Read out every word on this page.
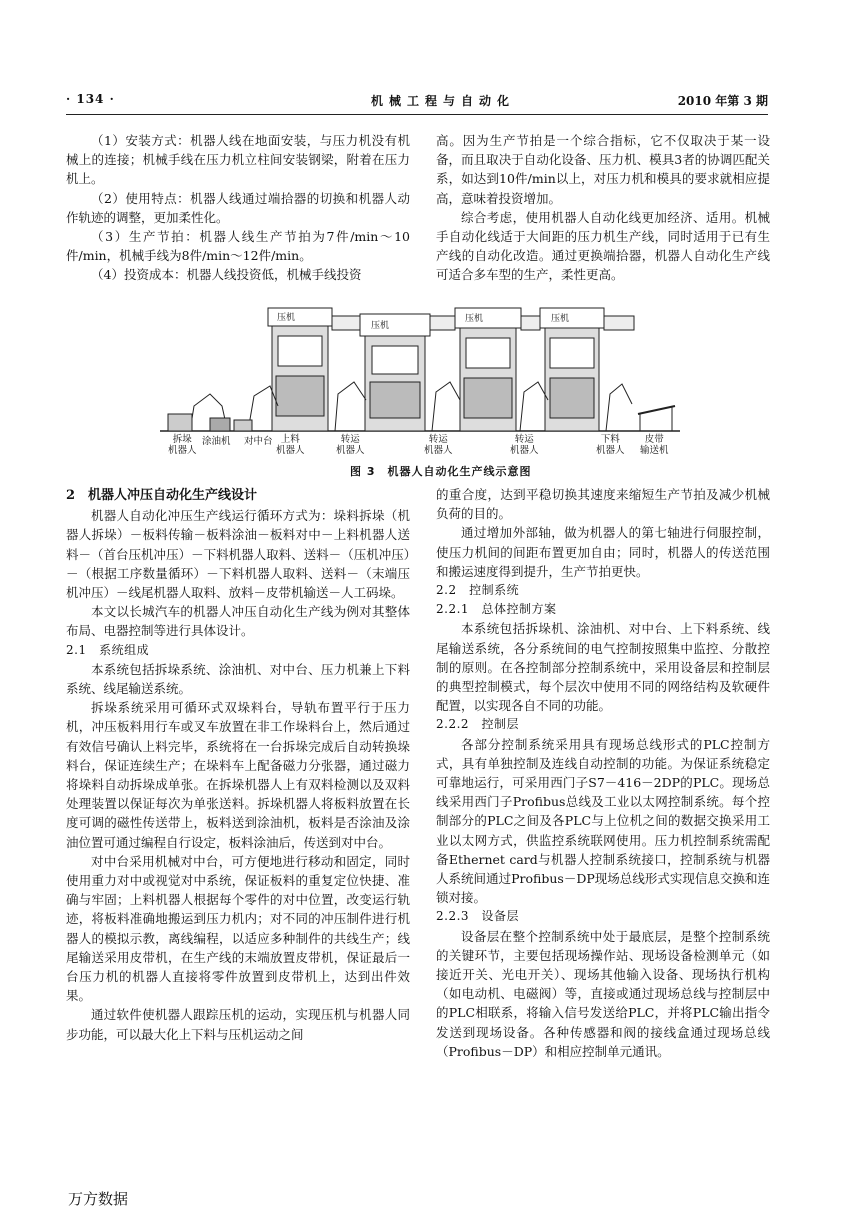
· 134 ·	机械工程与自动化	2010 年第 3 期

（1）安装方式：机器人线在地面安装，与压力机没有机械上的连接；机械手线在压力机立柱间安装钢梁，附着在压力机上。

（2）使用特点：机器人线通过端拾器的切换和机器人动作轨迹的调整，更加柔性化。

（3）生产节拍：机器人线生产节拍为7件/min～10件/min，机械手线为8件/min～12件/min。

（4）投资成本：机器人线投资低，机械手线投资

高。因为生产节拍是一个综合指标，它不仅取决于某一设备，而且取决于自动化设备、压力机、模具3者的协调匹配关系，如达到10件/min以上，对压力机和模具的要求就相应提高，意味着投资增加。

综合考虑，使用机器人自动化线更加经济、适用。机械手自动化线适于大间距的压力机生产线，同时适用于已有生产线的自动化改造。通过更换端拾器，机器人自动化生产线可适合多车型的生产，柔性更高。

压机
压机
压机	压机
拆垛
机器人
涂油机 对中台 上料
机器人
转运
机器人
转运
机器人
转运
机器人
下料
机器人
皮带
输送机
图 3　机器人自动化生产线示意图

2　机器人冲压自动化生产线设计

机器人自动化冲压生产线运行循环方式为：垛料拆垛（机器人拆垛）－板料传输－板料涂油－板料对中－上料机器人送料－（首台压机冲压）－下料机器人取料、送料－（压机冲压）－（根据工序数量循环）－下料机器人取料、送料－（末端压机冲压）－线尾机器人取料、放料－皮带机输送－人工码垛。

本文以长城汽车的机器人冲压自动化生产线为例对其整体布局、电器控制等进行具体设计。

2.1　系统组成

本系统包括拆垛系统、涂油机、对中台、压力机兼上下料系统、线尾输送系统。

拆垛系统采用可循环式双垛料台，导轨布置平行于压力机，冲压板料用行车或叉车放置在非工作垛料台上，然后通过有效信号确认上料完毕，系统将在一台拆垛完成后自动转换垛料台，保证连续生产；在垛料车上配备磁力分张器，通过磁力将垛料自动拆垛成单张。在拆垛机器人上有双料检测以及双料处理装置以保证每次为单张送料。拆垛机器人将板料放置在长度可调的磁性传送带上，板料送到涂油机，板料是否涂油及涂油位置可通过编程自行设定，板料涂油后，传送到对中台。

对中台采用机械对中台，可方便地进行移动和固定，同时使用重力对中或视觉对中系统，保证板料的重复定位快捷、准确与牢固；上料机器人根据每个零件的对中位置，改变运行轨迹，将板料准确地搬运到压力机内；对不同的冲压制件进行机器人的模拟示教，离线编程，以适应多种制件的共线生产；线尾输送采用皮带机，在生产线的末端放置皮带机，保证最后一台压力机的机器人直接将零件放置到皮带机上，达到出件效果。

通过软件使机器人跟踪压机的运动，实现压机与机器人同步功能，可以最大化上下料与压机运动之间

的重合度，达到平稳切换其速度来缩短生产节拍及减少机械负荷的目的。

通过增加外部轴，做为机器人的第七轴进行伺服控制，使压力机间的间距布置更加自由；同时，机器人的传送范围和搬运速度得到提升，生产节拍更快。

2.2　控制系统

2.2.1　总体控制方案

本系统包括拆垛机、涂油机、对中台、上下料系统、线尾输送系统，各分系统间的电气控制按照集中监控、分散控制的原则。在各控制部分控制系统中，采用设备层和控制层的典型控制模式，每个层次中使用不同的网络结构及软硬件配置，以实现各自不同的功能。

2.2.2　控制层

各部分控制系统采用具有现场总线形式的PLC控制方式，具有单独控制及连线自动控制的功能。为保证系统稳定可靠地运行，可采用西门子S7－416－2DP的PLC。现场总线采用西门子Profibus总线及工业以太网控制系统。每个控制部分的PLC之间及各PLC与上位机之间的数据交换采用工业以太网方式，供监控系统联网使用。压力机控制系统需配备Ethernet card与机器人控制系统接口，控制系统与机器人系统间通过Profibus－DP现场总线形式实现信息交换和连锁对接。

2.2.3　设备层

设备层在整个控制系统中处于最底层，是整个控制系统的关键环节，主要包括现场操作站、现场设备检测单元（如接近开关、光电开关）、现场其他输入设备、现场执行机构（如电动机、电磁阀）等，直接或通过现场总线与控制层中的PLC相联系，将输入信号发送给PLC，并将PLC输出指令发送到现场设备。各种传感器和阀的接线盒通过现场总线（Profibus－DP）和相应控制单元通讯。

万方数据
